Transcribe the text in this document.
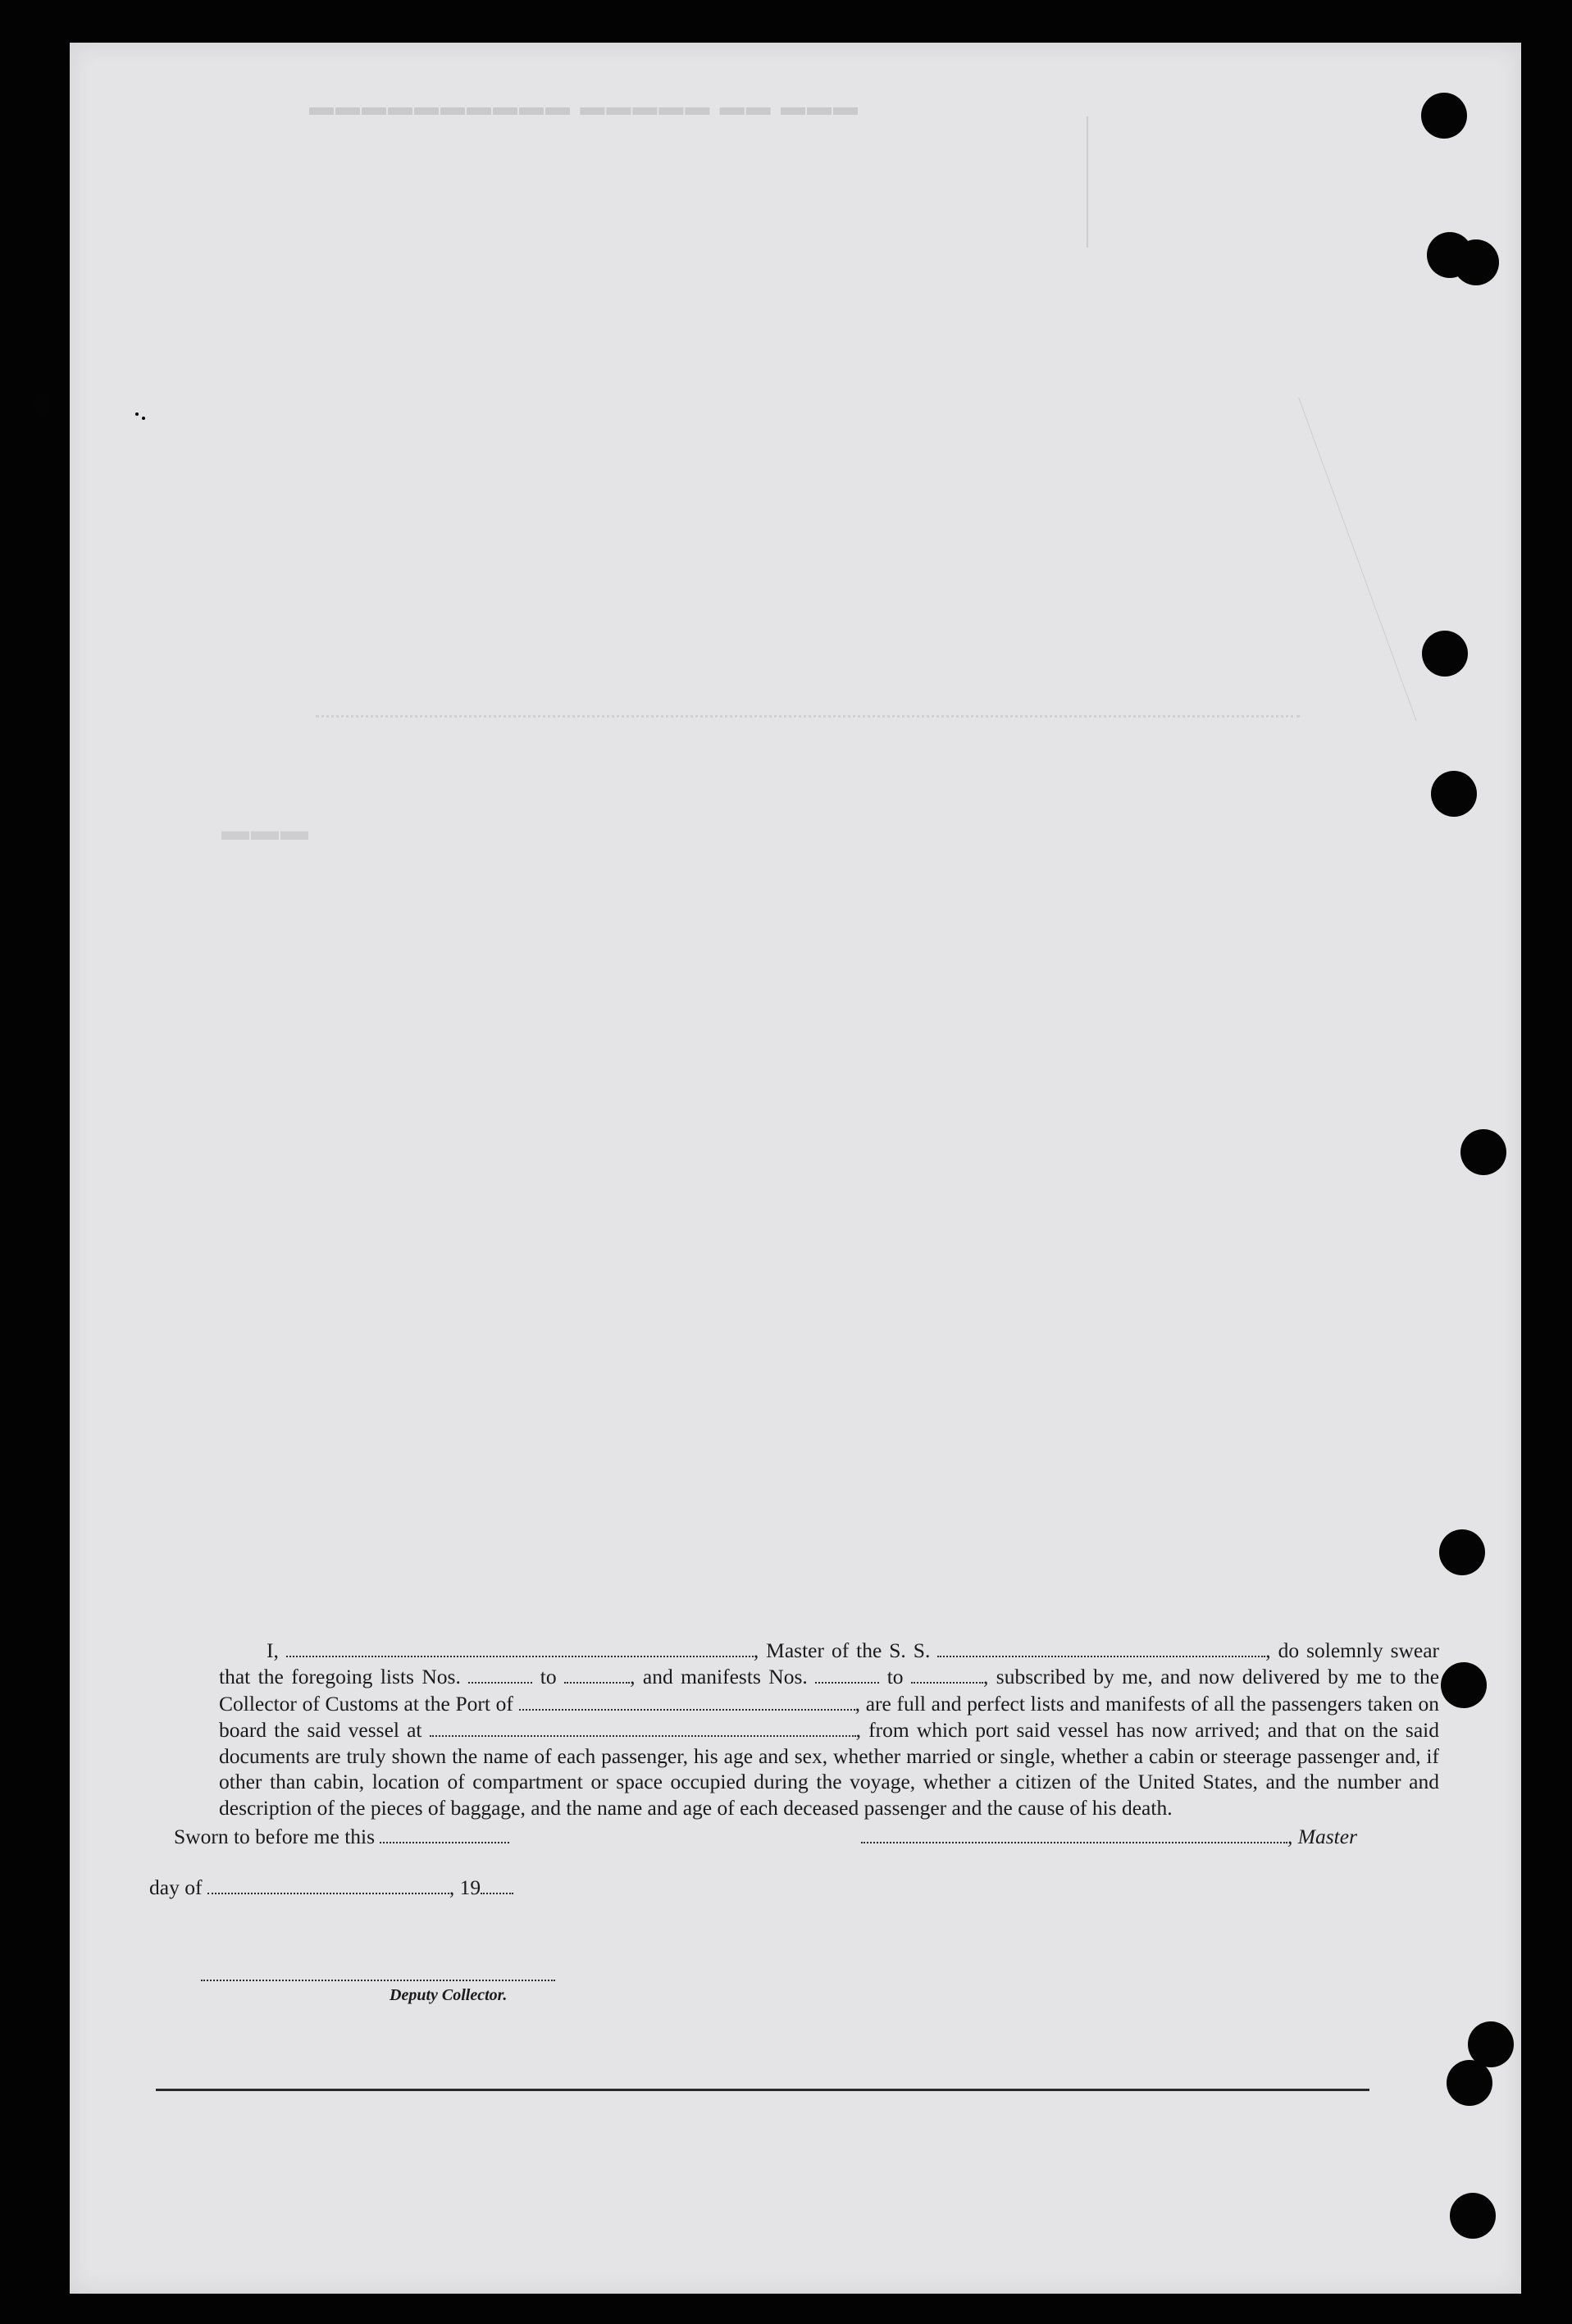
▬▬▬ ▬▬ ▬▬▬▬▬ ▬▬▬▬▬▬▬▬▬▬
▬▬▬
I,	, Master of the S. S.	, do solemnly swear that the foregoing lists Nos.	to	, and manifests Nos.	to	, subscribed by me, and now delivered by me to the Collector of Customs at the Port of	, are full and perfect lists and manifests of all the passengers taken on board the said vessel at	, from which port said vessel has now arrived; and that on the said documents are truly shown the name of each passenger, his age and sex, whether married or single, whether a cabin or steerage passenger and, if other than cabin, location of compartment or space occupied during the voyage, whether a citizen of the United States, and the number and description of the pieces of baggage, and the name and age of each deceased passenger and the cause of his death.
Sworn to before me this	, Master
day of	, 19
Deputy Collector.
